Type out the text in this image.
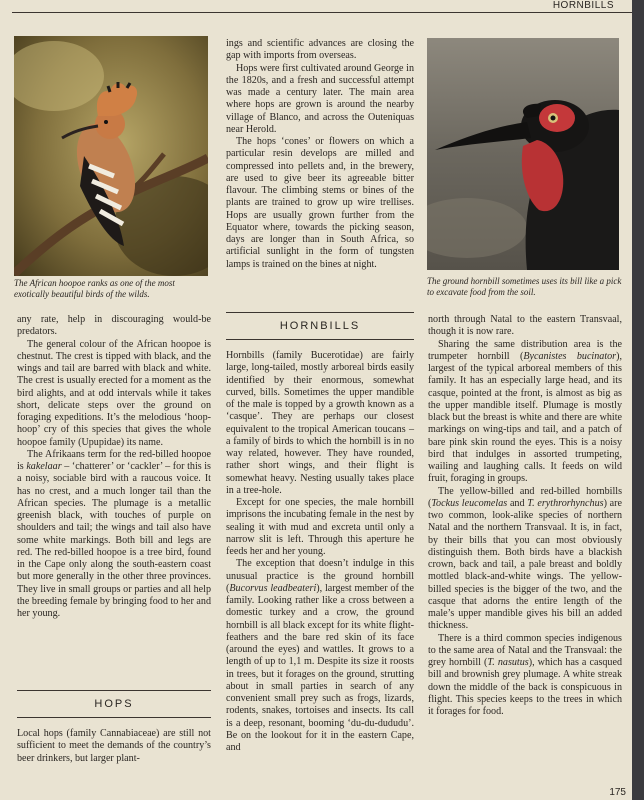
HORNBILLS
The African hoopoe ranks as one of the most exotically beautiful birds of the wilds.
The ground hornbill sometimes uses its bill like a pick to excavate food from the soil.

ings and scientific advances are closing the gap with imports from overseas.

Hops were first cultivated around George in the 1820s, and a fresh and successful attempt was made a century later. The main area where hops are grown is around the nearby village of Blanco, and across the Outeniquas near Herold.

The hops ‘cones’ or flowers on which a particular resin develops are milled and compressed into pellets and, in the brewery, are used to give beer its agreeable bitter flavour. The climbing stems or bines of the plants are trained to grow up wire trellises. Hops are usually grown further from the Equator where, towards the picking season, days are longer than in South Africa, so artificial sunlight in the form of tungsten lamps is trained on the bines at night.

any rate, help in discouraging would-be predators.

The general colour of the African hoopoe is chestnut. The crest is tipped with black, and the wings and tail are barred with black and white. The crest is usually erected for a moment as the bird alights, and at odd intervals while it takes short, delicate steps over the ground on foraging expeditions. It’s the melodious ‘hoop-hoop’ cry of this species that gives the whole hoopoe family (Upupidae) its name.

The Afrikaans term for the red-billed hoopoe is kakelaar – ‘chatterer’ or ‘cackler’ – for this is a noisy, sociable bird with a raucous voice. It has no crest, and a much longer tail than the African species. The plumage is a metallic greenish black, with touches of purple on shoulders and tail; the wings and tail also have some white markings. Both bill and legs are red. The red-billed hoopoe is a tree bird, found in the Cape only along the south-eastern coast but more generally in the other three provinces. They live in small groups or parties and all help the breeding female by bringing food to her and her young.

HOPS

Local hops (family Cannabiaceae) are still not sufficient to meet the demands of the country’s beer drinkers, but larger plant-

HORNBILLS

Hornbills (family Bucerotidae) are fairly large, long-tailed, mostly arboreal birds easily identified by their enormous, somewhat curved, bills. Sometimes the upper mandible of the male is topped by a growth known as a ‘casque’. They are perhaps our closest equivalent to the tropical American toucans – a family of birds to which the hornbill is in no way related, however. They have rounded, rather short wings, and their flight is somewhat heavy. Nesting usually takes place in a tree-hole.

Except for one species, the male hornbill imprisons the incubating female in the nest by sealing it with mud and excreta until only a narrow slit is left. Through this aperture he feeds her and her young.

The exception that doesn’t indulge in this unusual practice is the ground hornbill (Bucorvus leadbeateri), largest member of the family. Looking rather like a cross between a domestic turkey and a crow, the ground hornbill is all black except for its white flight-feathers and the bare red skin of its face (around the eyes) and wattles. It grows to a length of up to 1,1 m. Despite its size it roosts in trees, but it forages on the ground, strutting about in small parties in search of any convenient small prey such as frogs, lizards, rodents, snakes, tortoises and insects. Its call is a deep, resonant, booming ‘du-du-dududu’. Be on the lookout for it in the eastern Cape, and

north through Natal to the eastern Transvaal, though it is now rare.

Sharing the same distribution area is the trumpeter hornbill (Bycanistes bucinator), largest of the typical arboreal members of this family. It has an especially large head, and its casque, pointed at the front, is almost as big as the upper mandible itself. Plumage is mostly black but the breast is white and there are white markings on wing-tips and tail, and a patch of bare pink skin round the eyes. This is a noisy bird that indulges in assorted trumpeting, wailing and laughing calls. It feeds on wild fruit, foraging in groups.

The yellow-billed and red-billed hornbills (Tockus leucomelas and T. erythrorhynchus) are two common, look-alike species of northern Natal and the northern Transvaal. It is, in fact, by their bills that you can most obviously distinguish them. Both birds have a blackish crown, back and tail, a pale breast and boldly mottled black-and-white wings. The yellow-billed species is the bigger of the two, and the casque that adorns the entire length of the male’s upper mandible gives his bill an added thickness.

There is a third common species indigenous to the same area of Natal and the Transvaal: the grey hornbill (T. nasutus), which has a casqued bill and brownish grey plumage. A white streak down the middle of the back is conspicuous in flight. This species keeps to the trees in which it forages for food.

175
